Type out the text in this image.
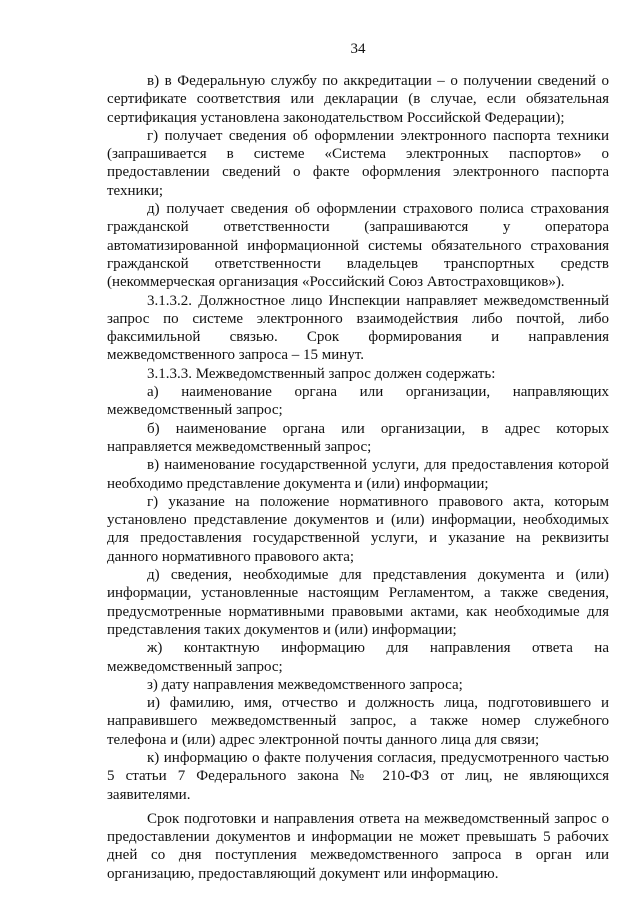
34

в) в Федеральную службу по аккредитации – о получении сведений о сертификате соответствия или декларации (в случае, если обязательная сертификация установлена законодательством Российской Федерации);

г) получает сведения об оформлении электронного паспорта техники (запрашивается в системе «Система электронных паспортов» о предоставлении сведений о факте оформления электронного паспорта техники;

д) получает сведения об оформлении страхового полиса страхования гражданской ответственности (запрашиваются у оператора автоматизированной информационной системы обязательного страхования гражданской ответственности владельцев транспортных средств (некоммерческая организация «Российский Союз Автостраховщиков»).

3.1.3.2. Должностное лицо Инспекции направляет межведомственный запрос по системе электронного взаимодействия либо почтой, либо факсимильной связью. Срок формирования и направления межведомственного запроса – 15 минут.

3.1.3.3. Межведомственный запрос должен содержать:

а) наименование органа или организации, направляющих межведомственный запрос;

б) наименование органа или организации, в адрес которых направляется межведомственный запрос;

в) наименование государственной услуги, для предоставления которой необходимо представление документа и (или) информации;

г) указание на положение нормативного правового акта, которым установлено представление документов и (или) информации, необходимых для предоставления государственной услуги, и указание на реквизиты данного нормативного правового акта;

д) сведения, необходимые для представления документа и (или) информации, установленные настоящим Регламентом, а также сведения, предусмотренные нормативными правовыми актами, как необходимые для представления таких документов и (или) информации;

ж) контактную информацию для направления ответа на межведомственный запрос;

з) дату направления межведомственного запроса;

и) фамилию, имя, отчество и должность лица, подготовившего и направившего межведомственный запрос, а также номер служебного телефона и (или) адрес электронной почты данного лица для связи;

к) информацию о факте получения согласия, предусмотренного частью 5 статьи 7 Федерального закона № 210-ФЗ от лиц, не являющихся заявителями.

Срок подготовки и направления ответа на межведомственный запрос о предоставлении документов и информации не может превышать 5 рабочих дней со дня поступления межведомственного запроса в орган или организацию, предоставляющий документ или информацию.
